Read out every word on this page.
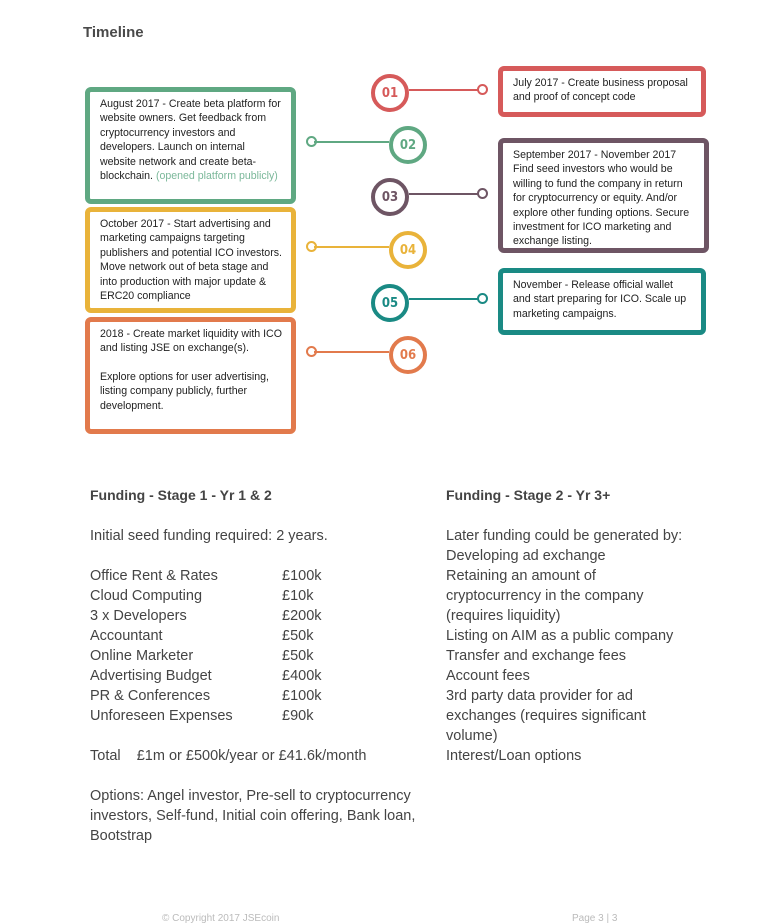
Timeline
01
July 2017 - Create business proposal and proof of concept code
August 2017 - Create beta platform for website owners. Get feedback from cryptocurrency investors and developers. Launch on internal website network and create beta-blockchain. (opened platform publicly)
02
03
September 2017 - November 2017 Find seed investors who would be willing to fund the company in return for cryptocurrency or equity. And/or explore other funding options. Secure investment for ICO marketing and exchange listing.
October 2017 - Start advertising and marketing campaigns targeting publishers and potential ICO investors. Move network out of beta stage and into production with major update & ERC20 compliance
04
05
November - Release official wallet and start preparing for ICO. Scale up marketing campaigns.
2018 - Create market liquidity with ICO and listing JSE on exchange(s).
Explore options for user advertising, listing company publicly, further development.
06
Funding - Stage 1 - Yr 1 & 2
Initial seed funding required: 2 years.
Office Rent & Rates	£100k
Cloud Computing	£10k
3 x Developers	£200k
Accountant	£50k
Online Marketer	£50k
Advertising Budget	£400k
PR & Conferences	£100k
Unforeseen Expenses	£90k
Total    £1m or £500k/year or £41.6k/month
Options: Angel investor, Pre-sell to cryptocurrency investors, Self-fund, Initial coin offering, Bank loan, Bootstrap
Funding - Stage 2 - Yr 3+
Later funding could be generated by:
Developing ad exchange
Retaining an amount of
cryptocurrency in the company
(requires liquidity)
Listing on AIM as a public company
Transfer and exchange fees
Account fees
3rd party data provider for ad
exchanges (requires significant
volume)
Interest/Loan options
© Copyright 2017 JSEcoin	Page 3 | 3
